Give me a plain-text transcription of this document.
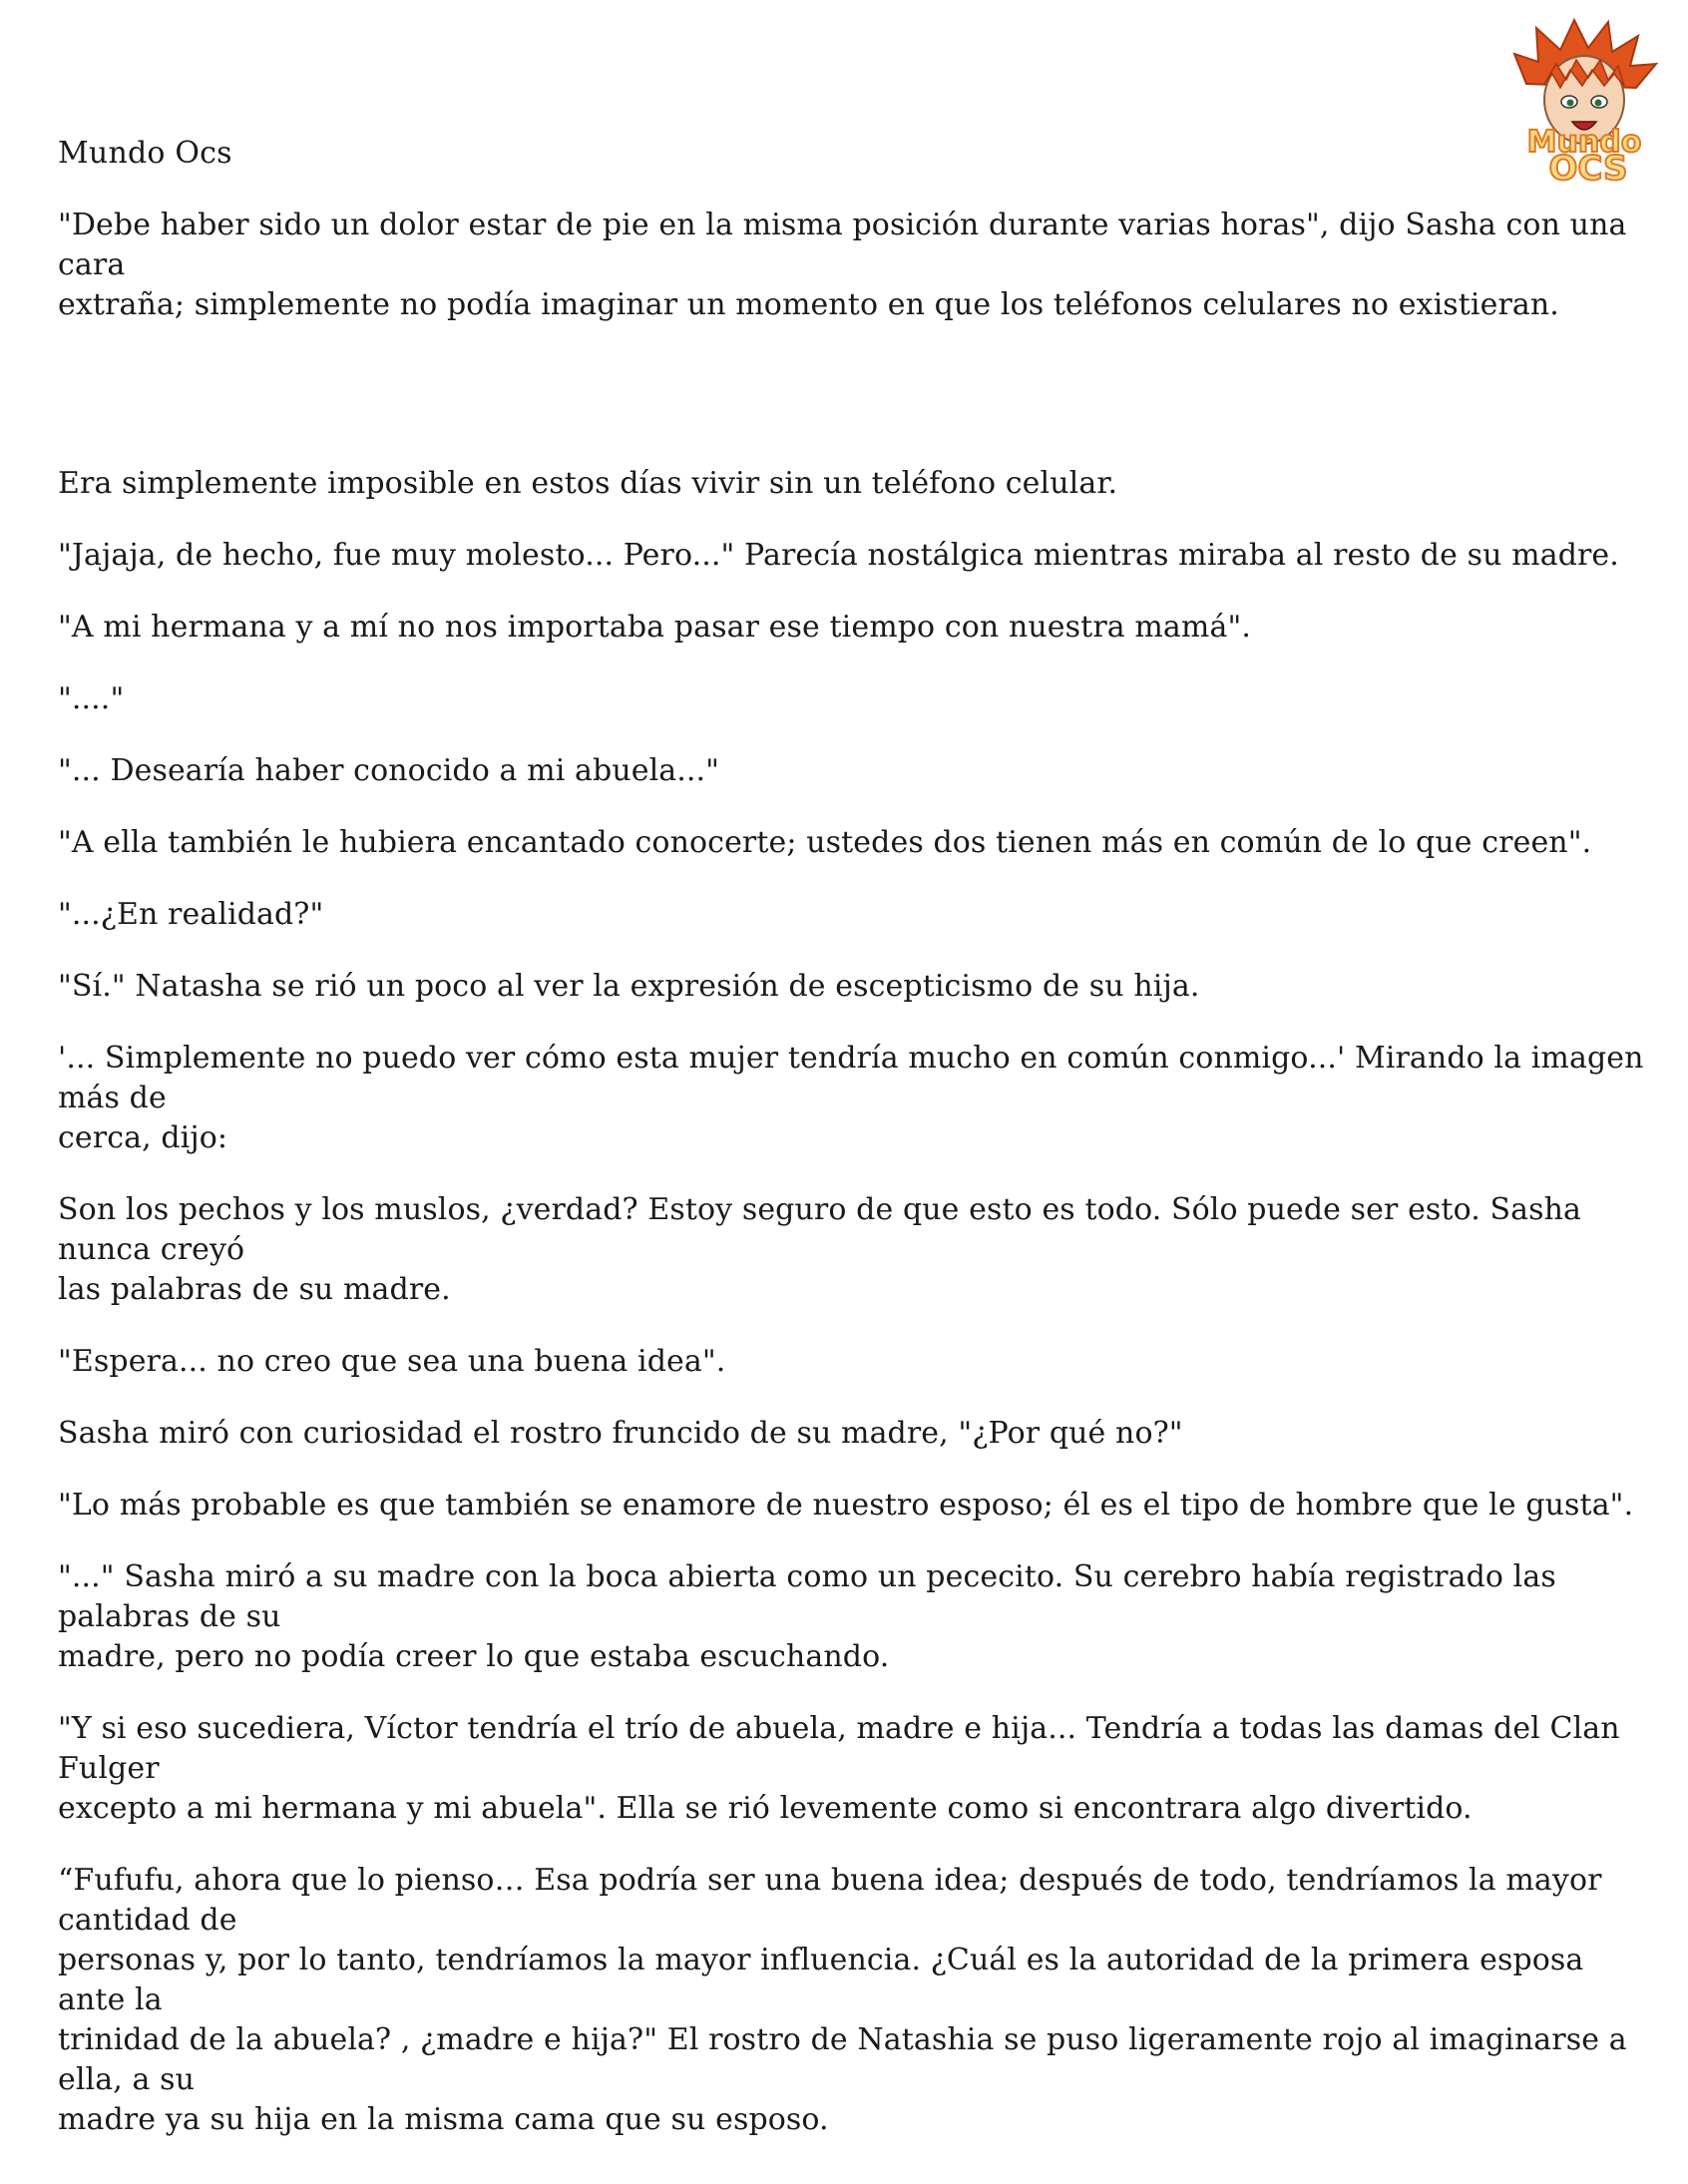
Mundo Ocs	Mundo
OCS

"Debe haber sido un dolor estar de pie en la misma posición durante varias horas", dijo Sasha con una cara
extraña; simplemente no podía imaginar un momento en que los teléfonos celulares no existieran.

Era simplemente imposible en estos días vivir sin un teléfono celular.

"Jajaja, de hecho, fue muy molesto... Pero..." Parecía nostálgica mientras miraba al resto de su madre.

"A mi hermana y a mí no nos importaba pasar ese tiempo con nuestra mamá".

"...."

"... Desearía haber conocido a mi abuela..."

"A ella también le hubiera encantado conocerte; ustedes dos tienen más en común de lo que creen".

"...¿En realidad?"

"Sí." Natasha se rió un poco al ver la expresión de escepticismo de su hija.

'... Simplemente no puedo ver cómo esta mujer tendría mucho en común conmigo...' Mirando la imagen más de
cerca, dijo:

Son los pechos y los muslos, ¿verdad? Estoy seguro de que esto es todo. Sólo puede ser esto. Sasha nunca creyó
las palabras de su madre.

"Espera... no creo que sea una buena idea".

Sasha miró con curiosidad el rostro fruncido de su madre, "¿Por qué no?"

"Lo más probable es que también se enamore de nuestro esposo; él es el tipo de hombre que le gusta".

"..." Sasha miró a su madre con la boca abierta como un pececito. Su cerebro había registrado las palabras de su
madre, pero no podía creer lo que estaba escuchando.

"Y si eso sucediera, Víctor tendría el trío de abuela, madre e hija... Tendría a todas las damas del Clan Fulger
excepto a mi hermana y mi abuela". Ella se rió levemente como si encontrara algo divertido.

“Fufufu, ahora que lo pienso… Esa podría ser una buena idea; después de todo, tendríamos la mayor cantidad de
personas y, por lo tanto, tendríamos la mayor influencia. ¿Cuál es la autoridad de la primera esposa ante la
trinidad de la abuela? , ¿madre e hija?" El rostro de Natashia se puso ligeramente rojo al imaginarse a ella, a su
madre ya su hija en la misma cama que su esposo.
